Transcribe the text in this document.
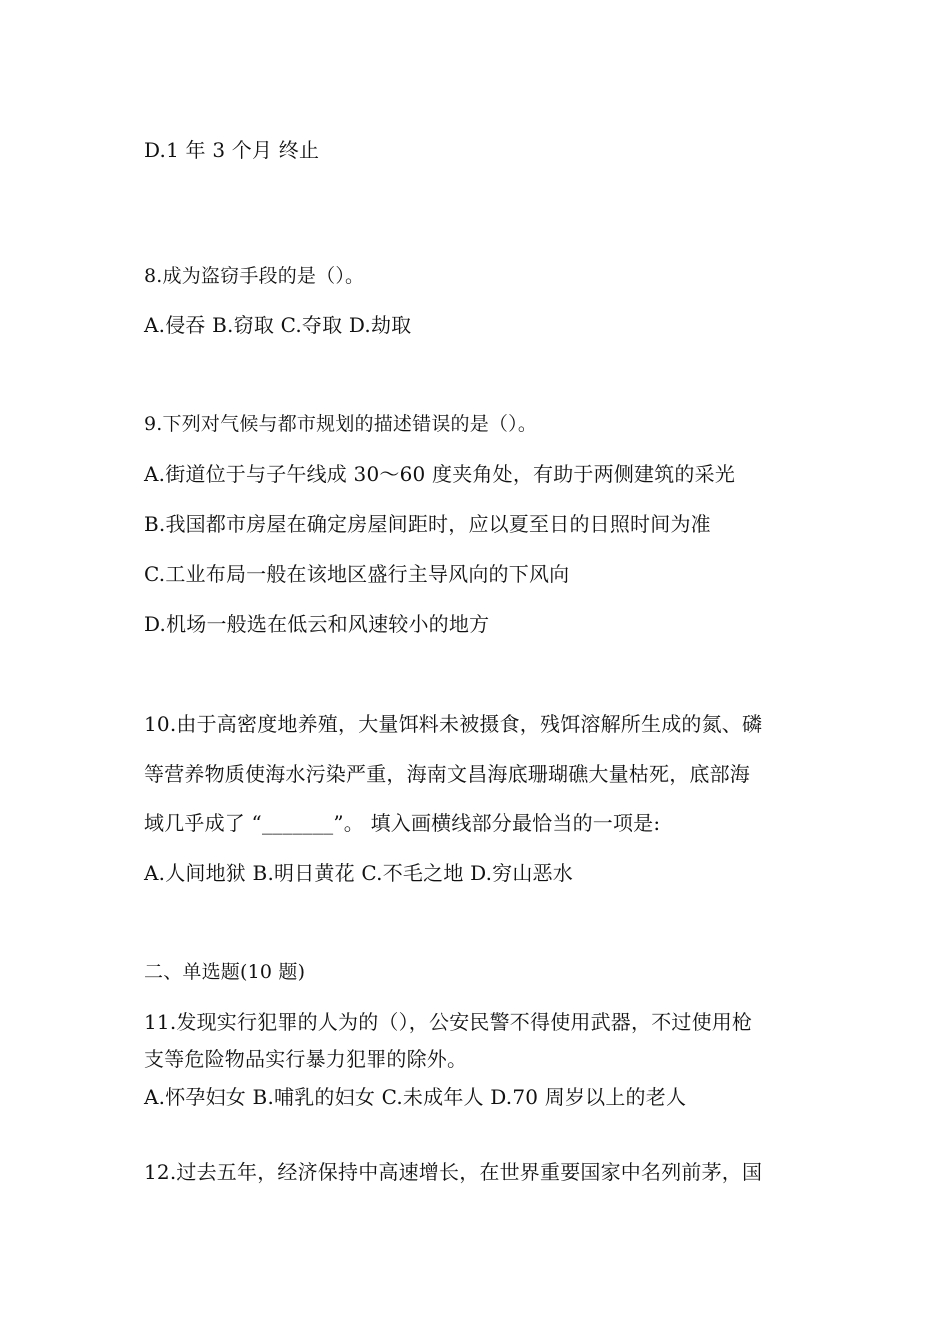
D.1 年 3 个月 终止
8.成为盗窃手段的是（）。
A.侵吞 B.窃取 C.夺取 D.劫取
9.下列对气候与都市规划的描述错误的是（）。
A.街道位于与子午线成 30～60 度夹角处，有助于两侧建筑的采光
B.我国都市房屋在确定房屋间距时，应以夏至日的日照时间为准
C.工业布局一般在该地区盛行主导风向的下风向
D.机场一般选在低云和风速较小的地方
10.由于高密度地养殖，大量饵料未被摄食，残饵溶解所生成的氮、磷
等营养物质使海水污染严重，海南文昌海底珊瑚礁大量枯死，底部海
域几乎成了 “_______”。 填入画横线部分最恰当的一项是:
A.人间地狱 B.明日黄花 C.不毛之地 D.穷山恶水
二、单选题(10 题)
11.发现实行犯罪的人为的（），公安民警不得使用武器，不过使用枪
支等危险物品实行暴力犯罪的除外。
A.怀孕妇女 B.哺乳的妇女 C.未成年人 D.70 周岁以上的老人
12.过去五年，经济保持中高速增长，在世界重要国家中名列前茅，国
